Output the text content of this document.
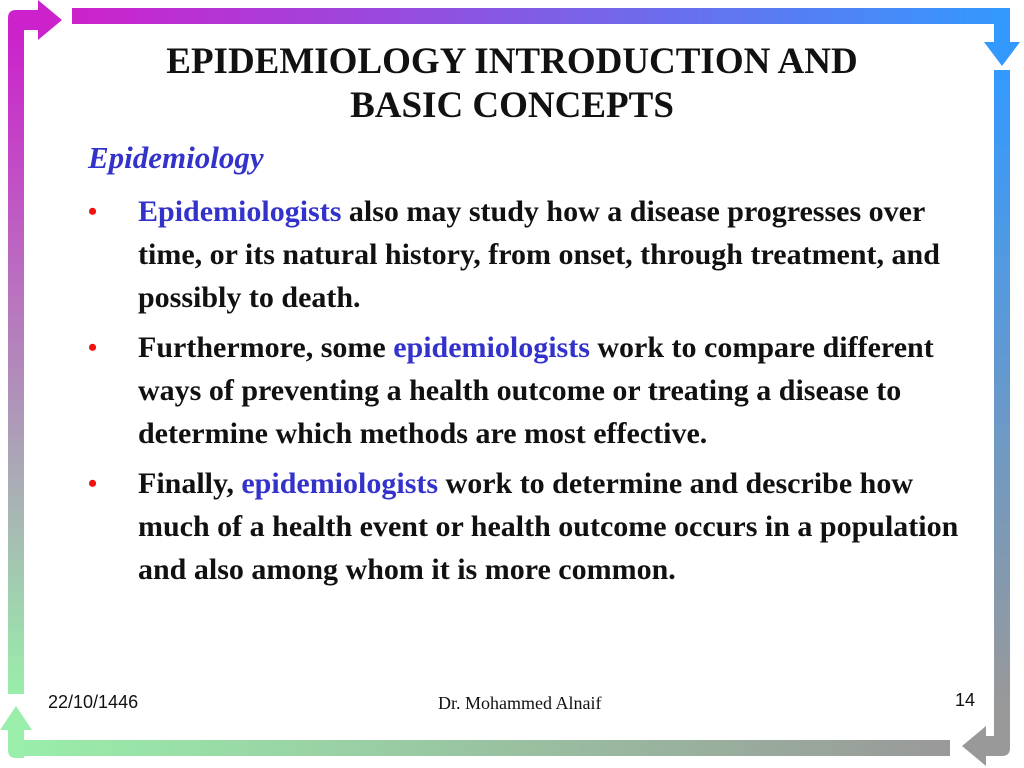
EPIDEMIOLOGY INTRODUCTION AND
BASIC CONCEPTS
Epidemiology
• Epidemiologists also may study how a disease progresses over time, or its natural history, from onset, through treatment, and possibly to death.
• Furthermore, some epidemiologists work to compare different ways of preventing a health outcome or treating a disease to determine which methods are most effective.
• Finally, epidemiologists work to determine and describe how much of a health event or health outcome occurs in a population and also among whom it is more common.
22/10/1446	Dr. Mohammed Alnaif	14
